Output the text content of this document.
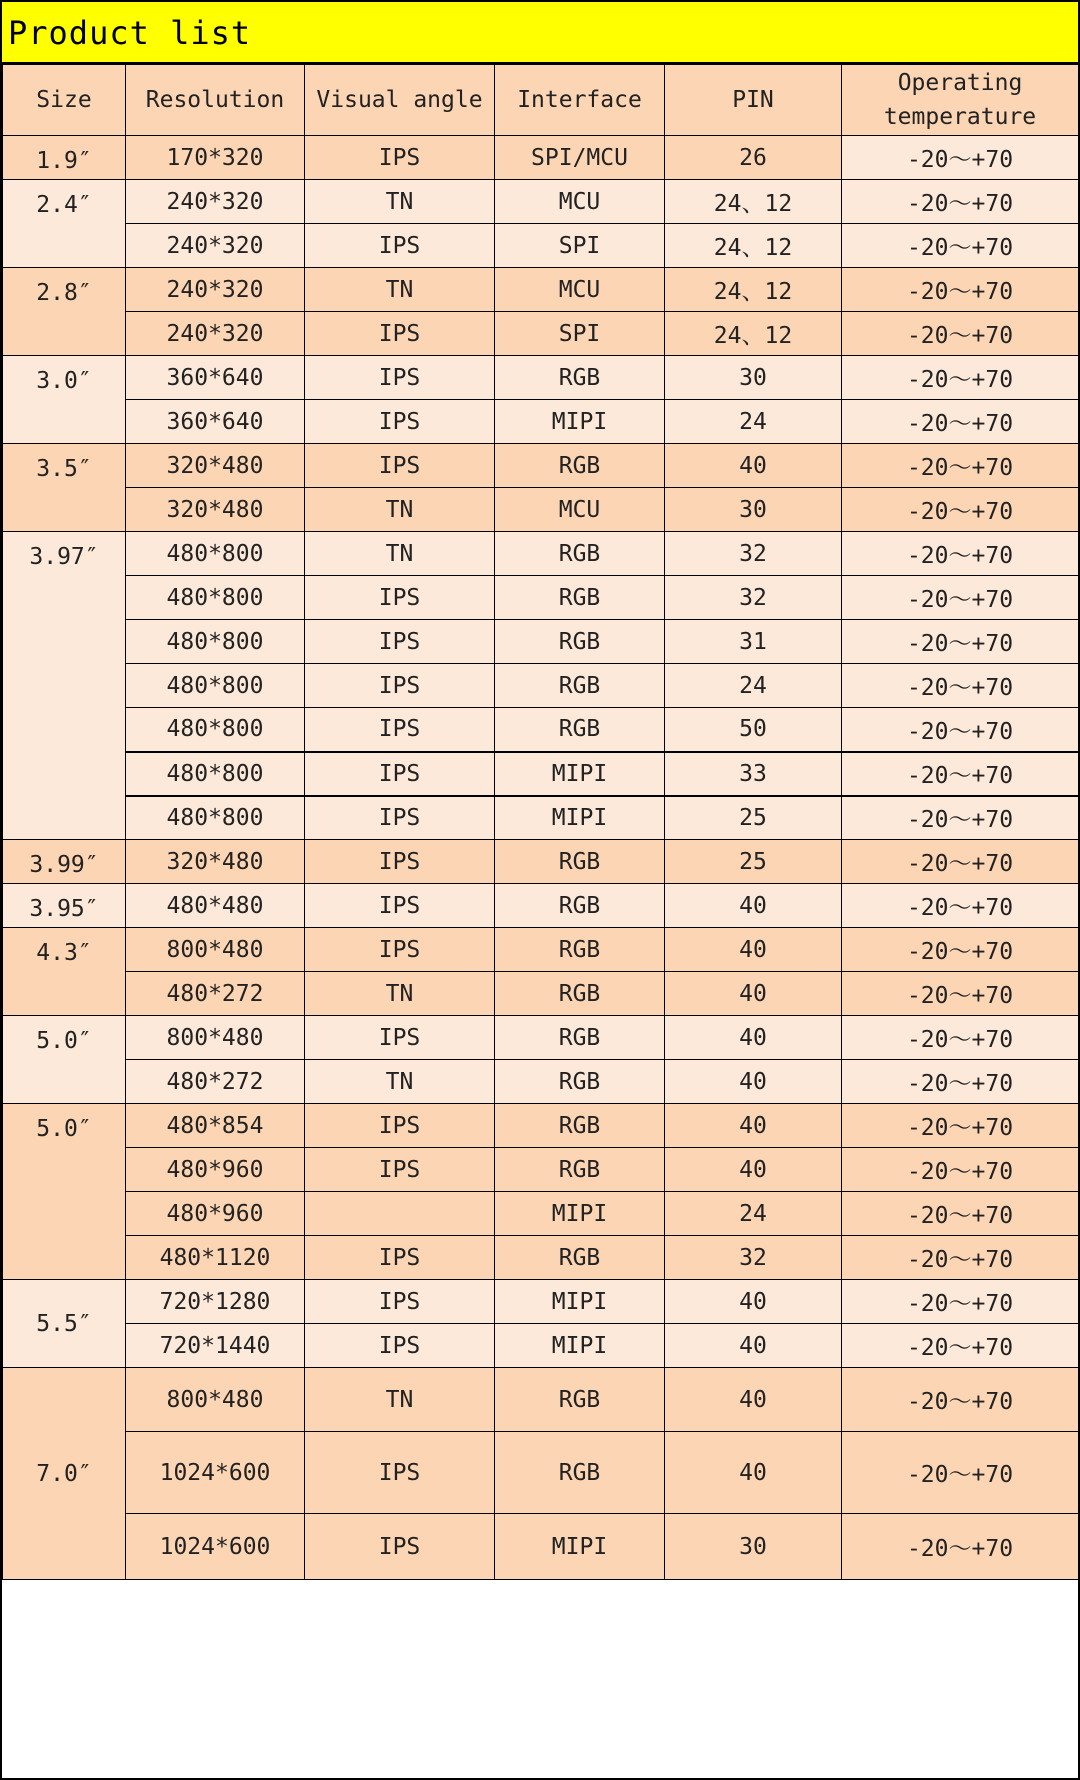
Product list
Size	Resolution	Visual angle	Interface	PIN	Operating temperature
1.9″	170*320	IPS	SPI/MCU	26	-20～+70
2.4″	240*320	TN	MCU	24、12	-20～+70
	240*320	IPS	SPI	24、12	-20～+70
2.8″	240*320	TN	MCU	24、12	-20～+70
	240*320	IPS	SPI	24、12	-20～+70
3.0″	360*640	IPS	RGB	30	-20～+70
	360*640	IPS	MIPI	24	-20～+70
3.5″	320*480	IPS	RGB	40	-20～+70
	320*480	TN	MCU	30	-20～+70
3.97″	480*800	TN	RGB	32	-20～+70
	480*800	IPS	RGB	32	-20～+70
	480*800	IPS	RGB	31	-20～+70
	480*800	IPS	RGB	24	-20～+70
	480*800	IPS	RGB	50	-20～+70
	480*800	IPS	MIPI	33	-20～+70
	480*800	IPS	MIPI	25	-20～+70
3.99″	320*480	IPS	RGB	25	-20～+70
3.95″	480*480	IPS	RGB	40	-20～+70
4.3″	800*480	IPS	RGB	40	-20～+70
	480*272	TN	RGB	40	-20～+70
5.0″	800*480	IPS	RGB	40	-20～+70
	480*272	TN	RGB	40	-20～+70
5.0″	480*854	IPS	RGB	40	-20～+70
	480*960	IPS	RGB	40	-20～+70
	480*960		MIPI	24	-20～+70
	480*1120	IPS	RGB	32	-20～+70
5.5″	720*1280	IPS	MIPI	40	-20～+70
	720*1440	IPS	MIPI	40	-20～+70
7.0″	800*480	TN	RGB	40	-20～+70
	1024*600	IPS	RGB	40	-20～+70
	1024*600	IPS	MIPI	30	-20～+70
